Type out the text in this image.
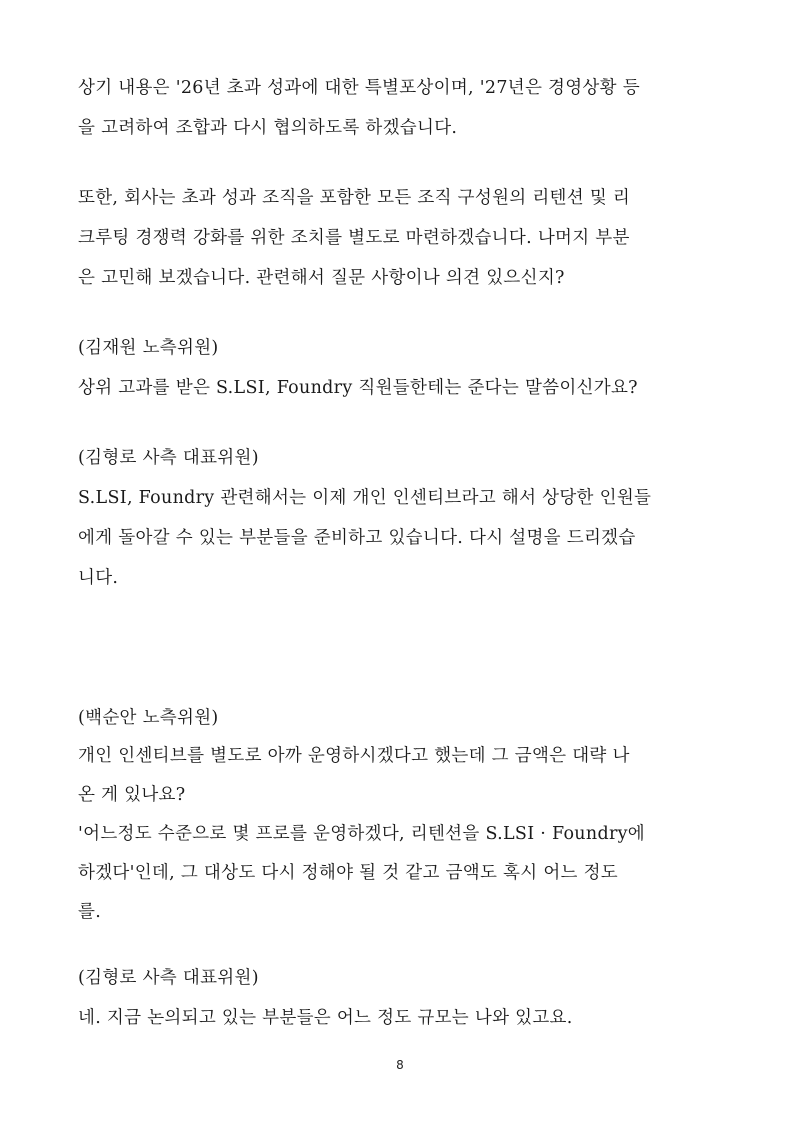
상기 내용은 '26년 초과 성과에 대한 특별포상이며, '27년은 경영상황 등
을 고려하여 조합과 다시 협의하도록 하겠습니다.
또한, 회사는 초과 성과 조직을 포함한 모든 조직 구성원의 리텐션 및 리
크루팅 경쟁력 강화를 위한 조치를 별도로 마련하겠습니다. 나머지 부분
은 고민해 보겠습니다. 관련해서 질문 사항이나 의견 있으신지?
(김재원 노측위원)
상위 고과를 받은 S.LSI, Foundry 직원들한테는 준다는 말씀이신가요?
(김형로 사측 대표위원)
S.LSI, Foundry 관련해서는 이제 개인 인센티브라고 해서 상당한 인원들
에게 돌아갈 수 있는 부분들을 준비하고 있습니다. 다시 설명을 드리겠습
니다.
(백순안 노측위원)
개인 인센티브를 별도로 아까 운영하시겠다고 했는데 그 금액은 대략 나
온 게 있나요?
'어느정도 수준으로 몇 프로를 운영하겠다, 리텐션을 S.LSI · Foundry에
하겠다'인데, 그 대상도 다시 정해야 될 것 같고 금액도 혹시 어느 정도
를.
(김형로 사측 대표위원)
네. 지금 논의되고 있는 부분들은 어느 정도 규모는 나와 있고요.
8
